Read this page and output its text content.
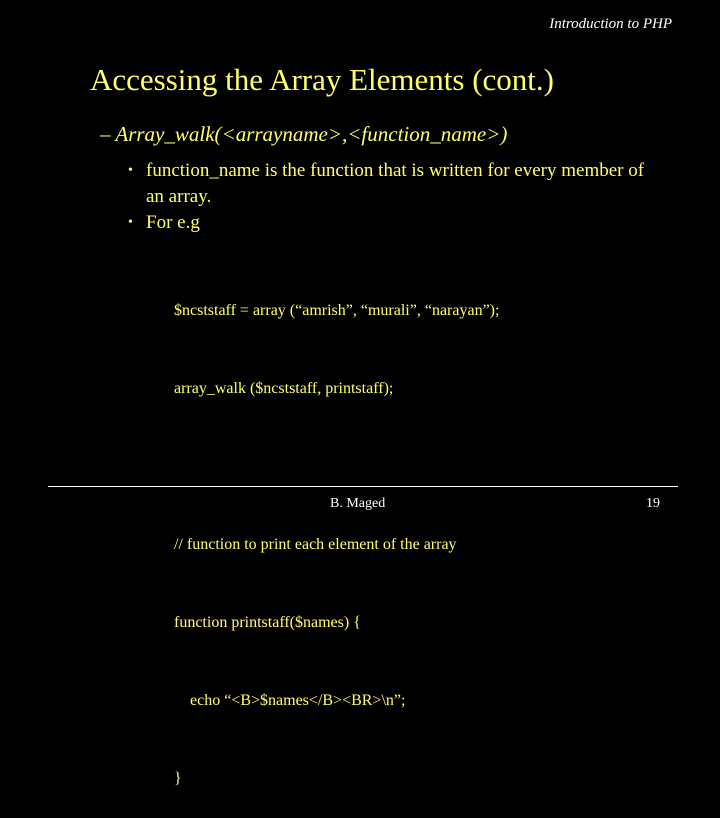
Introduction to PHP
Accessing the Array Elements (cont.)
– Array_walk(<arrayname>,<function_name>)
• function_name is the function that is written for every member of an array.
• For e.g

$ncststaff = array (“amrish”, “murali”, “narayan”);

array_walk ($ncststaff, printstaff);

// function to print each element of the array

function printstaff($names) {

echo “<B>$names</B><BR>\n”;

}

B. Maged	19
